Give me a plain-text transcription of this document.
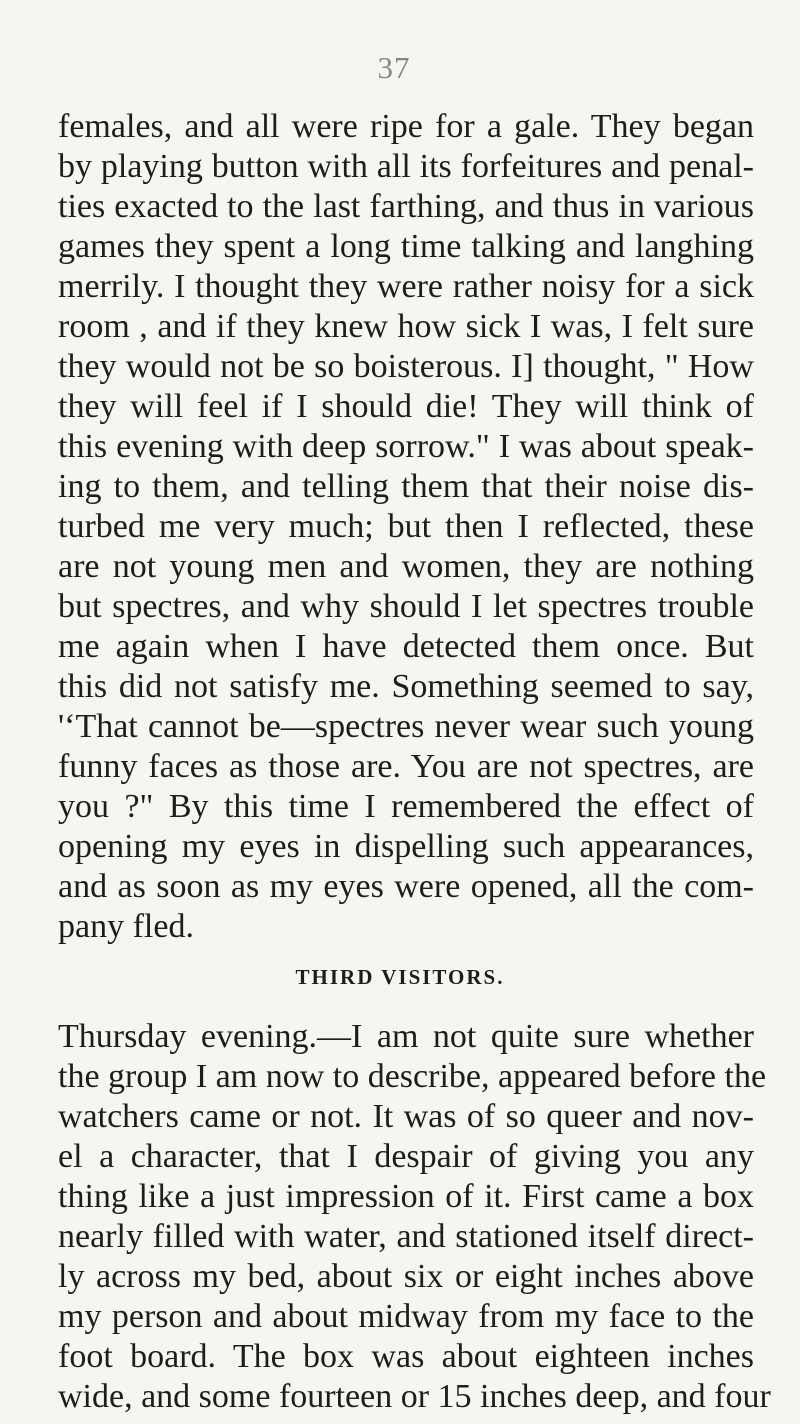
37
females, and all were ripe for a gale. They began
by playing button with all its forfeitures and penal-
ties exacted to the last farthing, and thus in various
games they spent a long time talking and langhing
merrily. I thought they were rather noisy for a sick
room , and if they knew how sick I was, I felt sure
they would not be so boisterous. I] thought, " How
they will feel if I should die! They will think of
this evening with deep sorrow." I was about speak-
ing to them, and telling them that their noise dis-
turbed me very much; but then I reflected, these
are not young men and women, they are nothing
but spectres, and why should I let spectres trouble
me again when I have detected them once. But
this did not satisfy me. Something seemed to say,
'‘That cannot be—spectres never wear such young
funny faces as those are. You are not spectres, are
you ?" By this time I remembered the effect of
opening my eyes in dispelling such appearances,
and as soon as my eyes were opened, all the com-
pany fled.
THIRD VISITORS.
Thursday evening.—I am not quite sure whether
the group I am now to describe, appeared before the
watchers came or not. It was of so queer and nov-
el a character, that I despair of giving you any
thing like a just impression of it. First came a box
nearly filled with water, and stationed itself direct-
ly across my bed, about six or eight inches above
my person and about midway from my face to the
foot board. The box was about eighteen inches
wide, and some fourteen or 15 inches deep, and four
